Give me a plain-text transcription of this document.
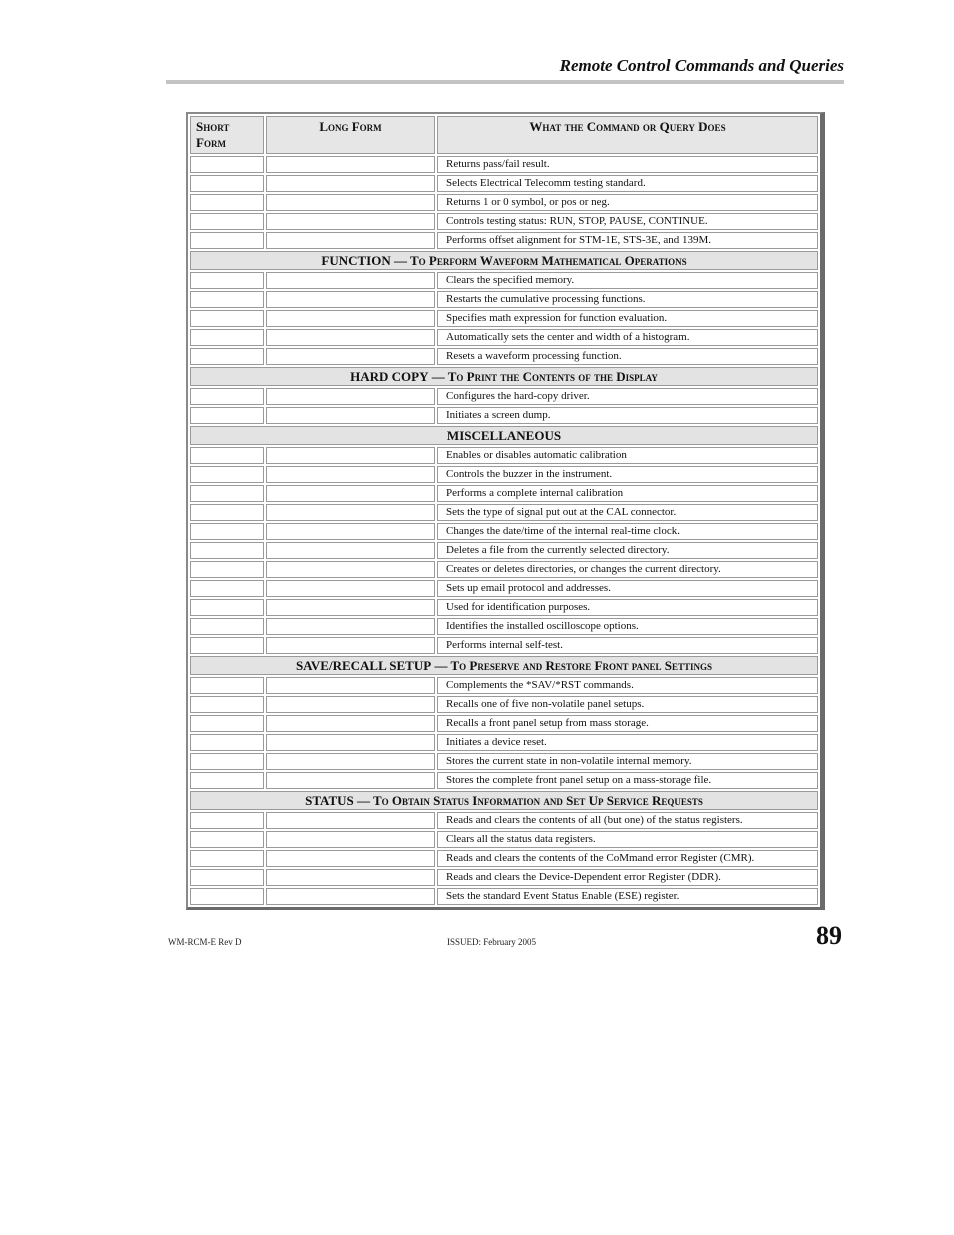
Remote Control Commands and Queries
Short Form	Long Form	What the Command or Query Does
		Returns pass/fail result.
		Selects Electrical Telecomm testing standard.
		Returns 1 or 0 symbol, or pos or neg.
		Controls testing status: RUN, STOP, PAUSE, CONTINUE.
		Performs offset alignment for STM-1E, STS-3E, and 139M.
FUNCTION — To Perform Waveform Mathematical Operations		
		Clears the specified memory.
		Restarts the cumulative processing functions.
		Specifies math expression for function evaluation.
		Automatically sets the center and width of a histogram.
		Resets a waveform processing function.
HARD COPY — To Print the Contents of the Display		
		Configures the hard-copy driver.
		Initiates a screen dump.
MISCELLANEOUS		
		Enables or disables automatic calibration
		Controls the buzzer in the instrument.
		Performs a complete internal calibration
		Sets the type of signal put out at the CAL connector.
		Changes the date/time of the internal real-time clock.
		Deletes a file from the currently selected directory.
		Creates or deletes directories, or changes the current directory.
		Sets up email protocol and addresses.
		Used for identification purposes.
		Identifies the installed oscilloscope options.
		Performs internal self-test.
SAVE/RECALL SETUP — To Preserve and Restore Front panel Settings		
		Complements the *SAV/*RST commands.
		Recalls one of five non-volatile panel setups.
		Recalls a front panel setup from mass storage.
		Initiates a device reset.
		Stores the current state in non-volatile internal memory.
		Stores the complete front panel setup on a mass-storage file.
STATUS — To Obtain Status Information and Set Up Service Requests		
		Reads and clears the contents of all (but one) of the status registers.
		Clears all the status data registers.
		Reads and clears the contents of the CoMmand error Register (CMR).
		Reads and clears the Device-Dependent error Register (DDR).
		Sets the standard Event Status Enable (ESE) register.
WM-RCM-E Rev D	ISSUED: February 2005	89
